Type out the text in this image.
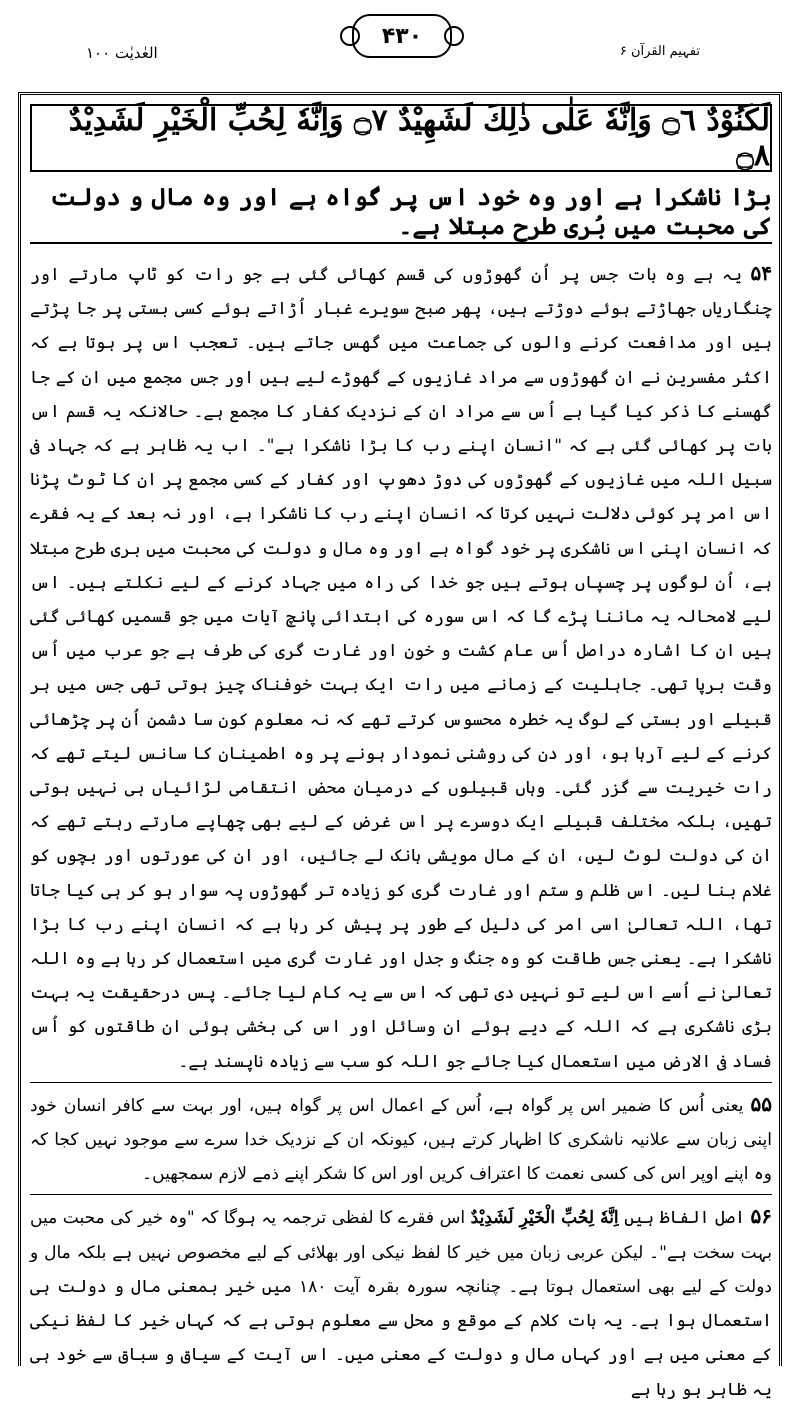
۴۳۰
تفہیم القرآن ۶
العٰدیٰت ۱۰۰
لَكَنُوْدٌ ۝٦ وَاِنَّهٗ عَلٰى ذٰلِكَ لَشَهِيْدٌ ۝٧ وَاِنَّهٗ لِحُبِّ الْخَيْرِ لَشَدِيْدٌ ۝٨
بڑا ناشکرا ہے اور وہ خود اس پر گواہ ہے اور وہ مال و دولت کی محبت میں بُری طرح مبتلا ہے۔

۵۴ یہ ہے وہ بات جس پر اُن گھوڑوں کی قسم کھائی گئی ہے جو رات کو ٹاپ مارتے اور چنگاریاں جھاڑتے ہوئے دوڑتے ہیں، پھر صبح سویرے غبار اُڑاتے ہوئے کسی بستی پر جا پڑتے ہیں اور مدافعت کرنے والوں کی جماعت میں گھس جاتے ہیں۔ تعجب اس پر ہوتا ہے کہ اکثر مفسرین نے ان گھوڑوں سے مراد غازیوں کے گھوڑے لیے ہیں اور جس مجمع میں ان کے جا گھسنے کا ذکر کیا گیا ہے اُس سے مراد ان کے نزدیک کفار کا مجمع ہے۔ حالانکہ یہ قسم اس بات پر کھائی گئی ہے کہ "انسان اپنے رب کا بڑا ناشکرا ہے"۔ اب یہ ظاہر ہے کہ جہاد فی سبیل اللہ میں غازیوں کے گھوڑوں کی دوڑ دھوپ اور کفار کے کسی مجمع پر ان کا ٹوٹ پڑنا اس امر پر کوئی دلالت نہیں کرتا کہ انسان اپنے رب کا ناشکرا ہے، اور نہ بعد کے یہ فقرے کہ انسان اپنی اس ناشکری پر خود گواہ ہے اور وہ مال و دولت کی محبت میں بری طرح مبتلا ہے، اُن لوگوں پر چسپاں ہوتے ہیں جو خدا کی راہ میں جہاد کرنے کے لیے نکلتے ہیں۔ اس لیے لامحالہ یہ ماننا پڑے گا کہ اس سورہ کی ابتدائی پانچ آیات میں جو قسمیں کھائی گئی ہیں ان کا اشارہ دراصل اُس عام کشت و خون اور غارت گری کی طرف ہے جو عرب میں اُس وقت برپا تھی۔ جاہلیت کے زمانے میں رات ایک بہت خوفناک چیز ہوتی تھی جس میں ہر قبیلے اور بستی کے لوگ یہ خطرہ محسوس کرتے تھے کہ نہ معلوم کون سا دشمن اُن پر چڑھائی کرنے کے لیے آرہا ہو، اور دن کی روشنی نمودار ہونے پر وہ اطمینان کا سانس لیتے تھے کہ رات خیریت سے گزر گئی۔ وہاں قبیلوں کے درمیان محض انتقامی لڑائیاں ہی نہیں ہوتی تھیں، بلکہ مختلف قبیلے ایک دوسرے پر اس غرض کے لیے بھی چھاپے مارتے رہتے تھے کہ ان کی دولت لوٹ لیں، ان کے مال مویشی ہانک لے جائیں، اور ان کی عورتوں اور بچوں کو غلام بنا لیں۔ اس ظلم و ستم اور غارت گری کو زیادہ تر گھوڑوں پہ سوار ہو کر ہی کیا جاتا تھا، اللہ تعالیٰ اسی امر کی دلیل کے طور پر پیش کر رہا ہے کہ انسان اپنے رب کا بڑا ناشکرا ہے۔ یعنی جس طاقت کو وہ جنگ و جدل اور غارت گری میں استعمال کر رہا ہے وہ اللہ تعالیٰ نے اُسے اس لیے تو نہیں دی تھی کہ اس سے یہ کام لیا جائے۔ پس درحقیقت یہ بہت بڑی ناشکری ہے کہ اللہ کے دیے ہوئے ان وسائل اور اس کی بخشی ہوئی ان طاقتوں کو اُس فساد فی الارض میں استعمال کیا جائے جو اللہ کو سب سے زیادہ ناپسند ہے۔

۵۵ یعنی اُس کا ضمیر اس پر گواہ ہے، اُس کے اعمال اس پر گواہ ہیں، اور بہت سے کافر انسان خود اپنی زبان سے علانیہ ناشکری کا اظہار کرتے ہیں، کیونکہ ان کے نزدیک خدا سرے سے موجود نہیں کجا کہ وہ اپنے اوپر اس کی کسی نعمت کا اعتراف کریں اور اس کا شکر اپنے ذمے لازم سمجھیں۔

۵۶ اصل الفاظ ہیں اِنَّهٗ لِحُبِّ الْخَيْرِ لَشَدِيْدٌ اس فقرے کا لفظی ترجمہ یہ ہوگا کہ "وہ خیر کی محبت میں بہت سخت ہے"۔ لیکن عربی زبان میں خیر کا لفظ نیکی اور بھلائی کے لیے مخصوص نہیں ہے بلکہ مال و دولت کے لیے بھی استعمال ہوتا ہے۔ چنانچہ سورہ بقرہ آیت ۱۸۰ میں خیر بمعنی مال و دولت ہی استعمال ہوا ہے۔ یہ بات کلام کے موقع و محل سے معلوم ہوتی ہے کہ کہاں خیر کا لفظ نیکی کے معنی میں ہے اور کہاں مال و دولت کے معنی میں۔ اس آیت کے سیاق و سباق سے خود ہی یہ ظاہر ہو رہا ہے
